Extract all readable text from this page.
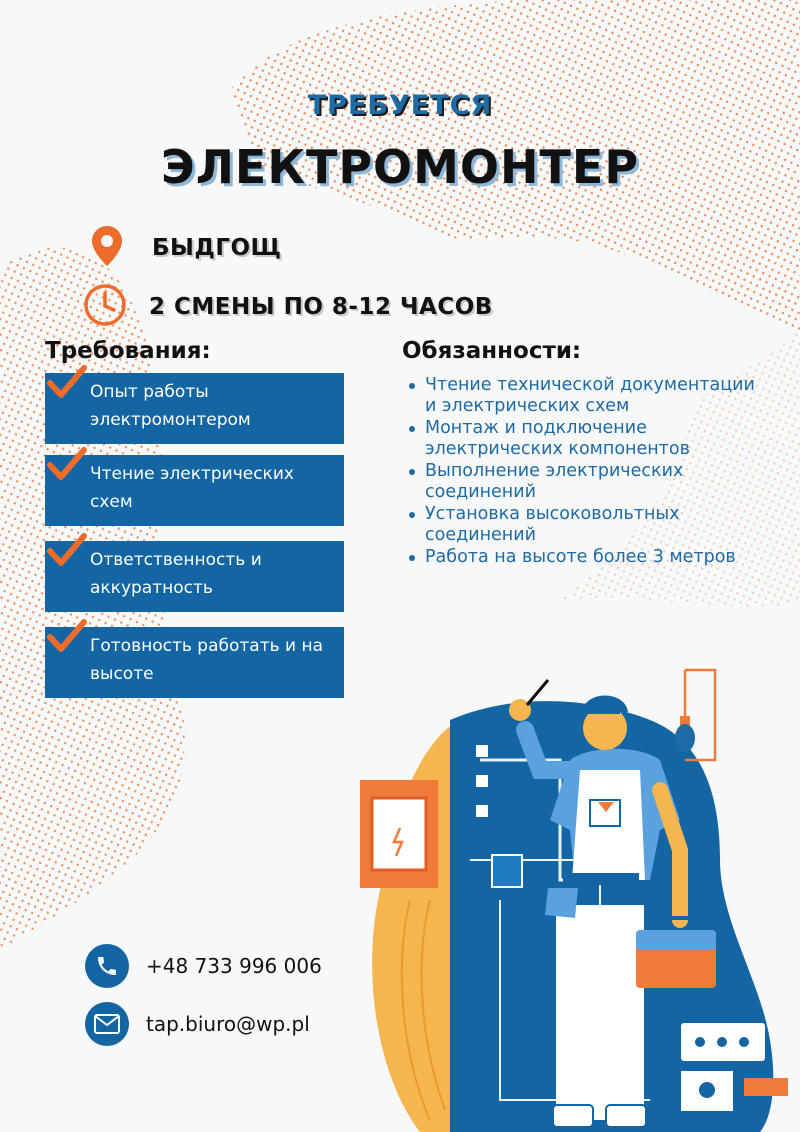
ТРЕБУЕТСЯ
ЭЛЕКТРОМОНТЕР
БЫДГОЩ
2 СМЕНЫ ПО 8-12 ЧАСОВ
Требования:
Опыт работы электромонтером
Чтение электрических схем
Ответственность и аккуратность
Готовность работать и на высоте
Обязанности:
Чтение технической документации и электрических схем
Монтаж и подключение электрических компонентов
Выполнение электрических соединений
Установка высоковольтных соединений
Работа на высоте более 3 метров
+48 733 996 006
tap.biuro@wp.pl
